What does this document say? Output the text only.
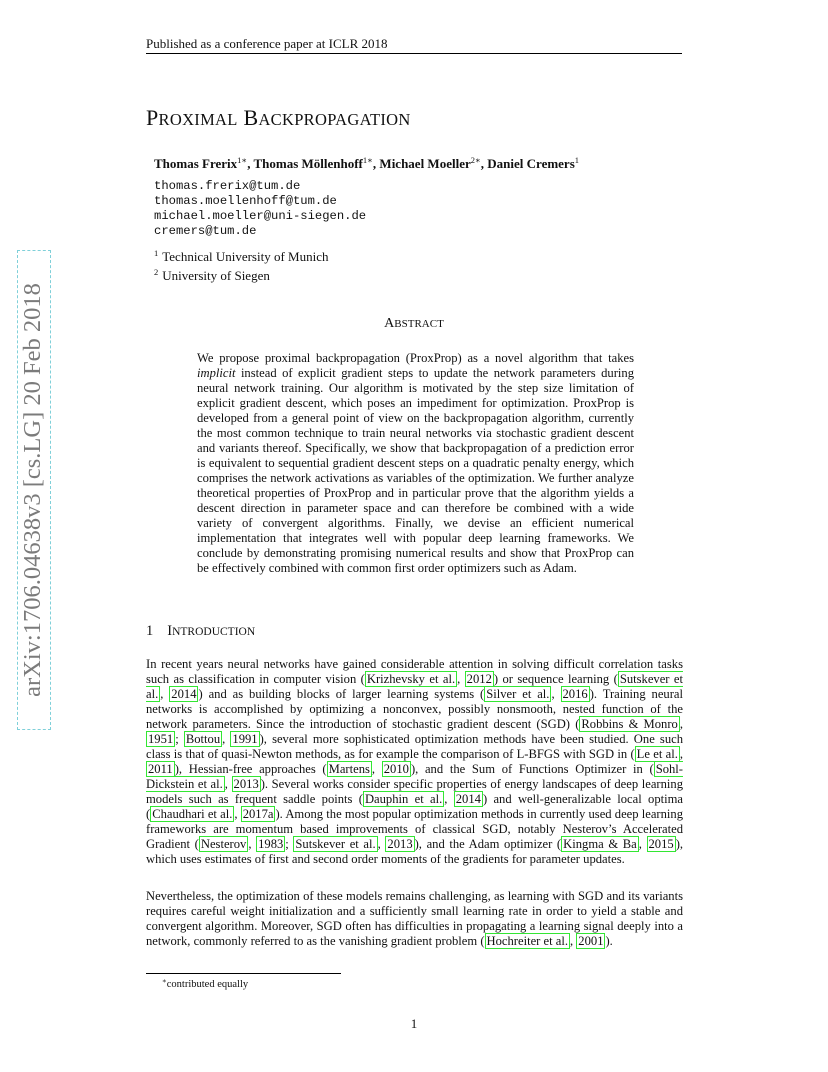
Published as a conference paper at ICLR 2018
arXiv:1706.04638v3 [cs.LG] 20 Feb 2018
PROXIMAL BACKPROPAGATION
Thomas Frerix$^{1∗}$, Thomas Möllenhoff$^{1∗}$, Michael Moeller$^{2∗}$, Daniel Cremers$^1$
thomas.frerix@tum.de
thomas.moellenhoff@tum.de
michael.moeller@uni-siegen.de
cremers@tum.de
$^1$ Technical University of Munich
$^2$ University of Siegen
ABSTRACT

We propose proximal backpropagation (ProxProp) as a novel algorithm that takes implicit instead of explicit gradient steps to update the network parameters during neural network training. Our algorithm is motivated by the step size limitation of explicit gradient descent, which poses an impediment for optimization. ProxProp is developed from a general point of view on the backpropagation algorithm, currently the most common technique to train neural networks via stochastic gradient descent and variants thereof. Specifically, we show that backpropagation of a prediction error is equivalent to sequential gradient descent steps on a quadratic penalty energy, which comprises the network activations as variables of the optimization. We further analyze theoretical properties of ProxProp and in particular prove that the algorithm yields a descent direction in parameter space and can therefore be combined with a wide variety of convergent algorithms. Finally, we devise an efficient numerical implementation that integrates well with popular deep learning frameworks. We conclude by demonstrating promising numerical results and show that ProxProp can be effectively combined with common first order optimizers such as Adam.

1 INTRODUCTION

In recent years neural networks have gained considerable attention in solving difficult correlation tasks such as classification in computer vision ( Krizhevsky et al. , 2012 ) or sequence learning ( Sutskever et al. , 2014 ) and as building blocks of larger learning systems ( Silver et al. , 2016 ). Training neural networks is accomplished by optimizing a nonconvex, possibly nonsmooth, nested function of the network parameters. Since the introduction of stochastic gradient descent (SGD) ( Robbins & Monro , 1951 ; Bottou , 1991 ), several more sophisticated optimization methods have been studied. One such class is that of quasi-Newton methods, as for example the comparison of L-BFGS with SGD in ( Le et al. , 2011 ), Hessian-free approaches ( Martens , 2010 ), and the Sum of Functions Optimizer in ( Sohl-Dickstein et al. , 2013 ). Several works consider specific properties of energy landscapes of deep learning models such as frequent saddle points ( Dauphin et al. , 2014 ) and well-generalizable local optima ( Chaudhari et al. , 2017a ). Among the most popular optimization methods in currently used deep learning frameworks are momentum based improvements of classical SGD, notably Nesterov’s Accelerated Gradient ( Nesterov , 1983 ; Sutskever et al. , 2013 ), and the Adam optimizer ( Kingma & Ba , 2015 ), which uses estimates of first and second order moments of the gradients for parameter updates.

Nevertheless, the optimization of these models remains challenging, as learning with SGD and its variants requires careful weight initialization and a sufficiently small learning rate in order to yield a stable and convergent algorithm. Moreover, SGD often has difficulties in propagating a learning signal deeply into a network, commonly referred to as the vanishing gradient problem ( Hochreiter et al. , 2001 ).

∗contributed equally
1
